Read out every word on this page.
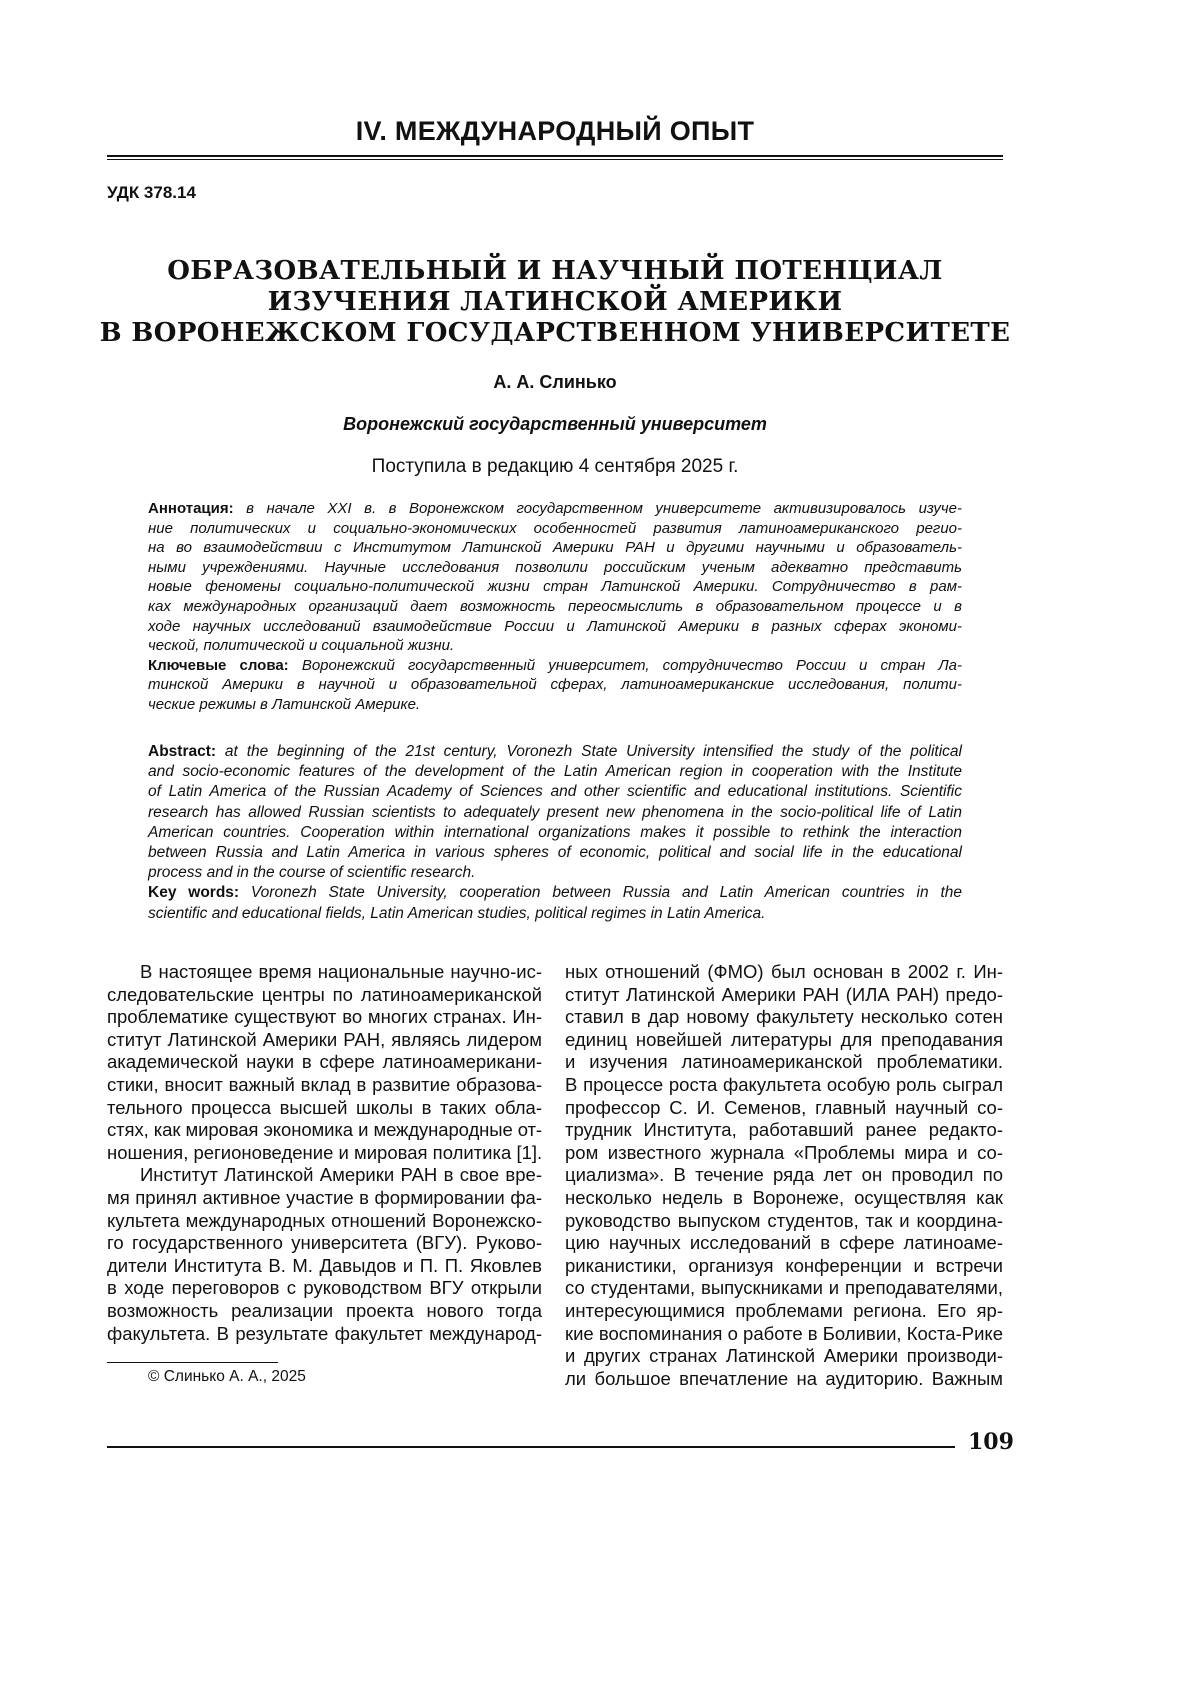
IV. МЕЖДУНАРОДНЫЙ ОПЫТ
УДК 378.14
ОБРАЗОВАТЕЛЬНЫЙ И НАУЧНЫЙ ПОТЕНЦИАЛ
ИЗУЧЕНИЯ ЛАТИНСКОЙ АМЕРИКИ
В ВОРОНЕЖСКОМ ГОСУДАРСТВЕННОМ УНИВЕРСИТЕТЕ
А. А. Слинько
Воронежский государственный университет
Поступила в редакцию 4 сентября 2025 г.
Аннотация: в начале XXI в. в Воронежском государственном университете активизировалось изуче-
ние политических и социально-экономических особенностей развития латиноамериканского регио-
на во взаимодействии с Институтом Латинской Америки РАН и другими научными и образователь-
ными учреждениями. Научные исследования позволили российским ученым адекватно представить
новые феномены социально-политической жизни стран Латинской Америки. Сотрудничество в рам-
ках международных организаций дает возможность переосмыслить в образовательном процессе и в
ходе научных исследований взаимодействие России и Латинской Америки в разных сферах экономи-
ческой, политической и социальной жизни.
Ключевые слова: Воронежский государственный университет, сотрудничество России и стран Ла-
тинской Америки в научной и образовательной сферах, латиноамериканские исследования, полити-
ческие режимы в Латинской Америке.
Abstract: at the beginning of the 21st century, Voronezh State University intensified the study of the political
and socio-economic features of the development of the Latin American region in cooperation with the Institute
of Latin America of the Russian Academy of Sciences and other scientific and educational institutions. Scientific
research has allowed Russian scientists to adequately present new phenomena in the socio-political life of Latin
American countries. Cooperation within international organizations makes it possible to rethink the interaction
between Russia and Latin America in various spheres of economic, political and social life in the educational
process and in the course of scientific research.
Key words: Voronezh State University, cooperation between Russia and Latin American countries in the
scientific and educational fields, Latin American studies, political regimes in Latin America.
В настоящее время национальные научно-ис-
следовательские центры по латиноамериканской
проблематике существуют во многих странах. Ин-
ститут Латинской Америки РАН, являясь лидером
академической науки в сфере латиноамерикани-
стики, вносит важный вклад в развитие образова-
тельного процесса высшей школы в таких обла-
стях, как мировая экономика и международные от-
ношения, регионоведение и мировая политика [1].
Институт Латинской Америки РАН в свое вре-
мя принял активное участие в формировании фа-
культета международных отношений Воронежско-
го государственного университета (ВГУ). Руково-
дители Института В. М. Давыдов и П. П. Яковлев
в ходе переговоров с руководством ВГУ открыли
возможность реализации проекта нового тогда
факультета. В результате факультет международ-
ных отношений (ФМО) был основан в 2002 г. Ин-
ститут Латинской Америки РАН (ИЛА РАН) предо-
ставил в дар новому факультету несколько сотен
единиц новейшей литературы для преподавания
и изучения латиноамериканской проблематики.
В процессе роста факультета особую роль сыграл
профессор С. И. Семенов, главный научный со-
трудник Института, работавший ранее редакто-
ром известного журнала «Проблемы мира и со-
циализма». В течение ряда лет он проводил по
несколько недель в Воронеже, осуществляя как
руководство выпуском студентов, так и координа-
цию научных исследований в сфере латиноаме-
риканистики, организуя конференции и встречи
со студентами, выпускниками и преподавателями,
интересующимися проблемами региона. Его яр-
кие воспоминания о работе в Боливии, Коста-Рике
и других странах Латинской Америки производи-
ли большое впечатление на аудиторию. Важным
© Слинько А. А., 2025
109
